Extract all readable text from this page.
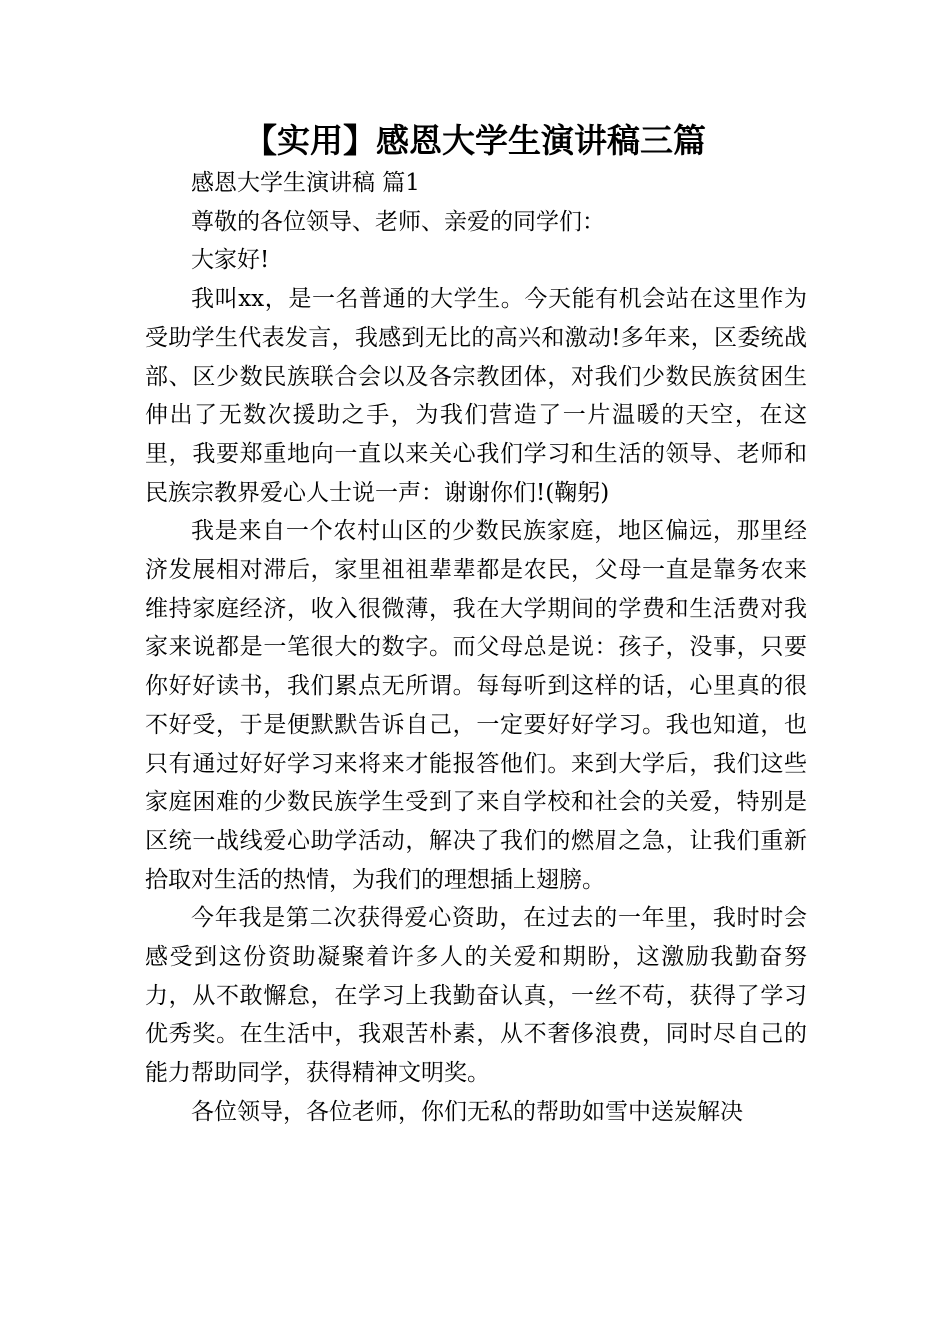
【实用】感恩大学生演讲稿三篇

感恩大学生演讲稿 篇1

尊敬的各位领导、老师、亲爱的同学们：

大家好!

我叫xx，是一名普通的大学生。今天能有机会站在这里作为受助学生代表发言，我感到无比的高兴和激动!多年来，区委统战部、区少数民族联合会以及各宗教团体，对我们少数民族贫困生伸出了无数次援助之手，为我们营造了一片温暖的天空，在这里，我要郑重地向一直以来关心我们学习和生活的领导、老师和民族宗教界爱心人士说一声：谢谢你们!(鞠躬)

我是来自一个农村山区的少数民族家庭，地区偏远，那里经济发展相对滞后，家里祖祖辈辈都是农民，父母一直是靠务农来维持家庭经济，收入很微薄，我在大学期间的学费和生活费对我家来说都是一笔很大的数字。而父母总是说：孩子，没事，只要你好好读书，我们累点无所谓。每每听到这样的话，心里真的很不好受，于是便默默告诉自己，一定要好好学习。我也知道，也只有通过好好学习来将来才能报答他们。来到大学后，我们这些家庭困难的少数民族学生受到了来自学校和社会的关爱，特别是区统一战线爱心助学活动，解决了我们的燃眉之急，让我们重新拾取对生活的热情，为我们的理想插上翅膀。

今年我是第二次获得爱心资助，在过去的一年里，我时时会感受到这份资助凝聚着许多人的关爱和期盼，这激励我勤奋努力，从不敢懈怠，在学习上我勤奋认真，一丝不苟，获得了学习优秀奖。在生活中，我艰苦朴素，从不奢侈浪费，同时尽自己的能力帮助同学，获得精神文明奖。

各位领导，各位老师，你们无私的帮助如雪中送炭解决
